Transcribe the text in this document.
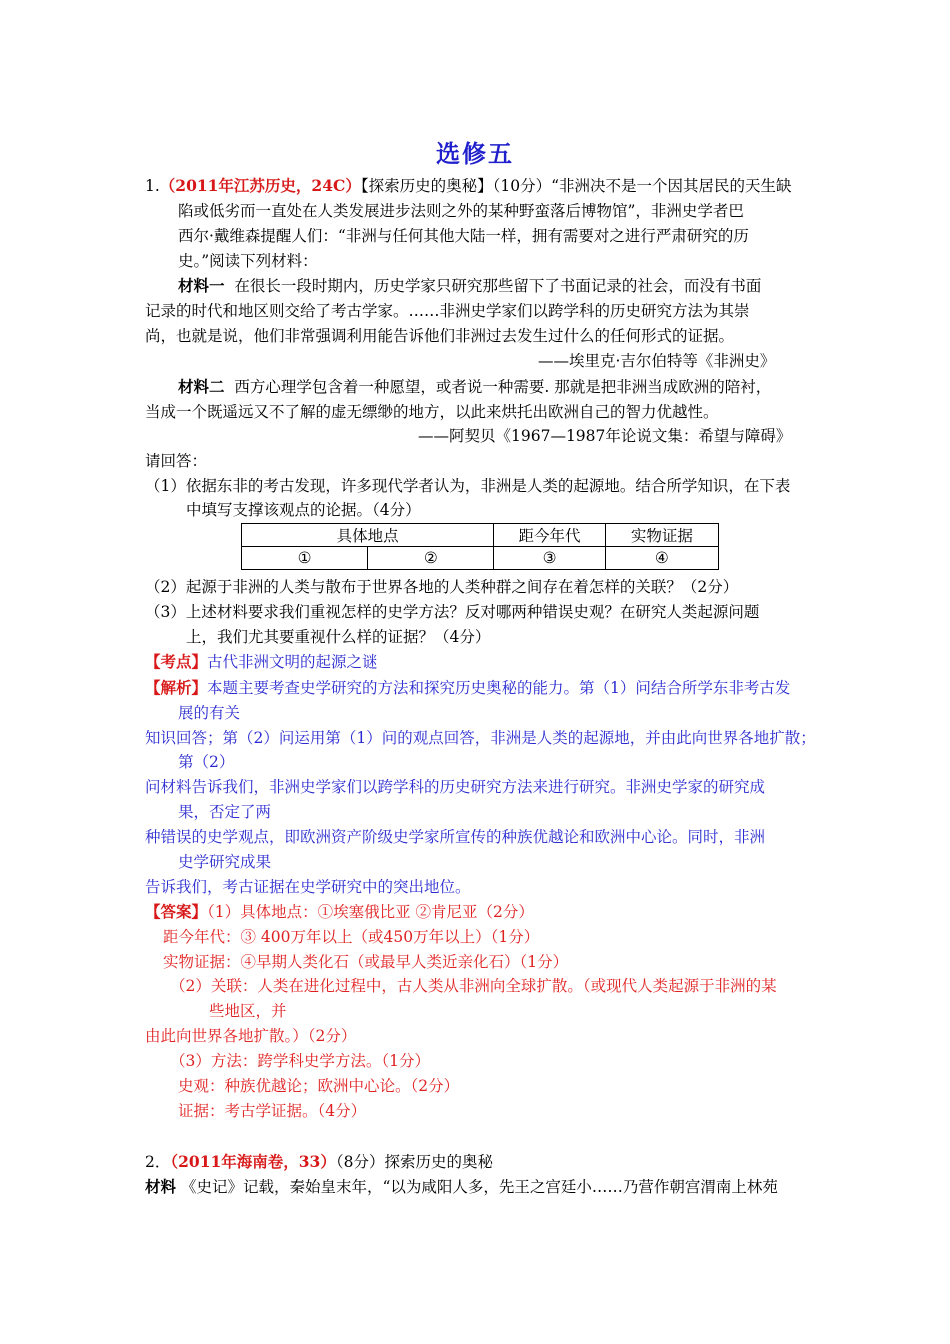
选修五
1.（2011年江苏历史，24C）【探索历史的奥秘】（10分）“非洲决不是一个因其居民的天生缺
陷或低劣而一直处在人类发展进步法则之外的某种野蛮落后博物馆”，非洲史学者巴
西尔·戴维森提醒人们：“非洲与任何其他大陆一样，拥有需要对之进行严肃研究的历
史。”阅读下列材料：
材料一 在很长一段时期内，历史学家只研究那些留下了书面记录的社会，而没有书面
记录的时代和地区则交给了考古学家。……非洲史学家们以跨学科的历史研究方法为其崇
尚，也就是说，他们非常强调利用能告诉他们非洲过去发生过什么的任何形式的证据。
——埃里克·吉尔伯特等《非洲史》
材料二 西方心理学包含着一种愿望，或者说一种需要. 那就是把非洲当成欧洲的陪衬，
当成一个既遥远又不了解的虚无缥缈的地方，以此来烘托出欧洲自己的智力优越性。
——阿契贝《1967—1987年论说文集：希望与障碍》
请回答：
（1）依据东非的考古发现，许多现代学者认为，非洲是人类的起源地。结合所学知识，在下表
中填写支撑该观点的论据。（4分）
具体地点		距今年代	实物证据
①	②	③	④
（2）起源于非洲的人类与散布于世界各地的人类种群之间存在着怎样的关联？（2分）
（3）上述材料要求我们重视怎样的史学方法？反对哪两种错误史观？在研究人类起源问题
上，我们尤其要重视什么样的证据？（4分）
【考点】古代非洲文明的起源之谜
【解析】本题主要考查史学研究的方法和探究历史奥秘的能力。第（1）问结合所学东非考古发
展的有关
知识回答；第（2）问运用第（1）问的观点回答，非洲是人类的起源地，并由此向世界各地扩散；
第（2）
问材料告诉我们，非洲史学家们以跨学科的历史研究方法来进行研究。非洲史学家的研究成
果，否定了两
种错误的史学观点，即欧洲资产阶级史学家所宣传的种族优越论和欧洲中心论。同时，非洲
史学研究成果
告诉我们，考古证据在史学研究中的突出地位。
【答案】（1）具体地点：①埃塞俄比亚 ②肯尼亚（2分）
距今年代：③ 400万年以上（或450万年以上）（1分）
实物证据：④早期人类化石（或最早人类近亲化石）（1分）
（2）关联：人类在进化过程中，古人类从非洲向全球扩散。（或现代人类起源于非洲的某
些地区，并
由此向世界各地扩散。）（2分）
（3）方法：跨学科史学方法。（1分）
史观：种族优越论；欧洲中心论。（2分）
证据：考古学证据。（4分）
2．（2011年海南卷，33）（8分）探索历史的奥秘
材料 《史记》记载，秦始皇末年，“以为咸阳人多，先王之宫廷小……乃营作朝宫渭南上林苑
